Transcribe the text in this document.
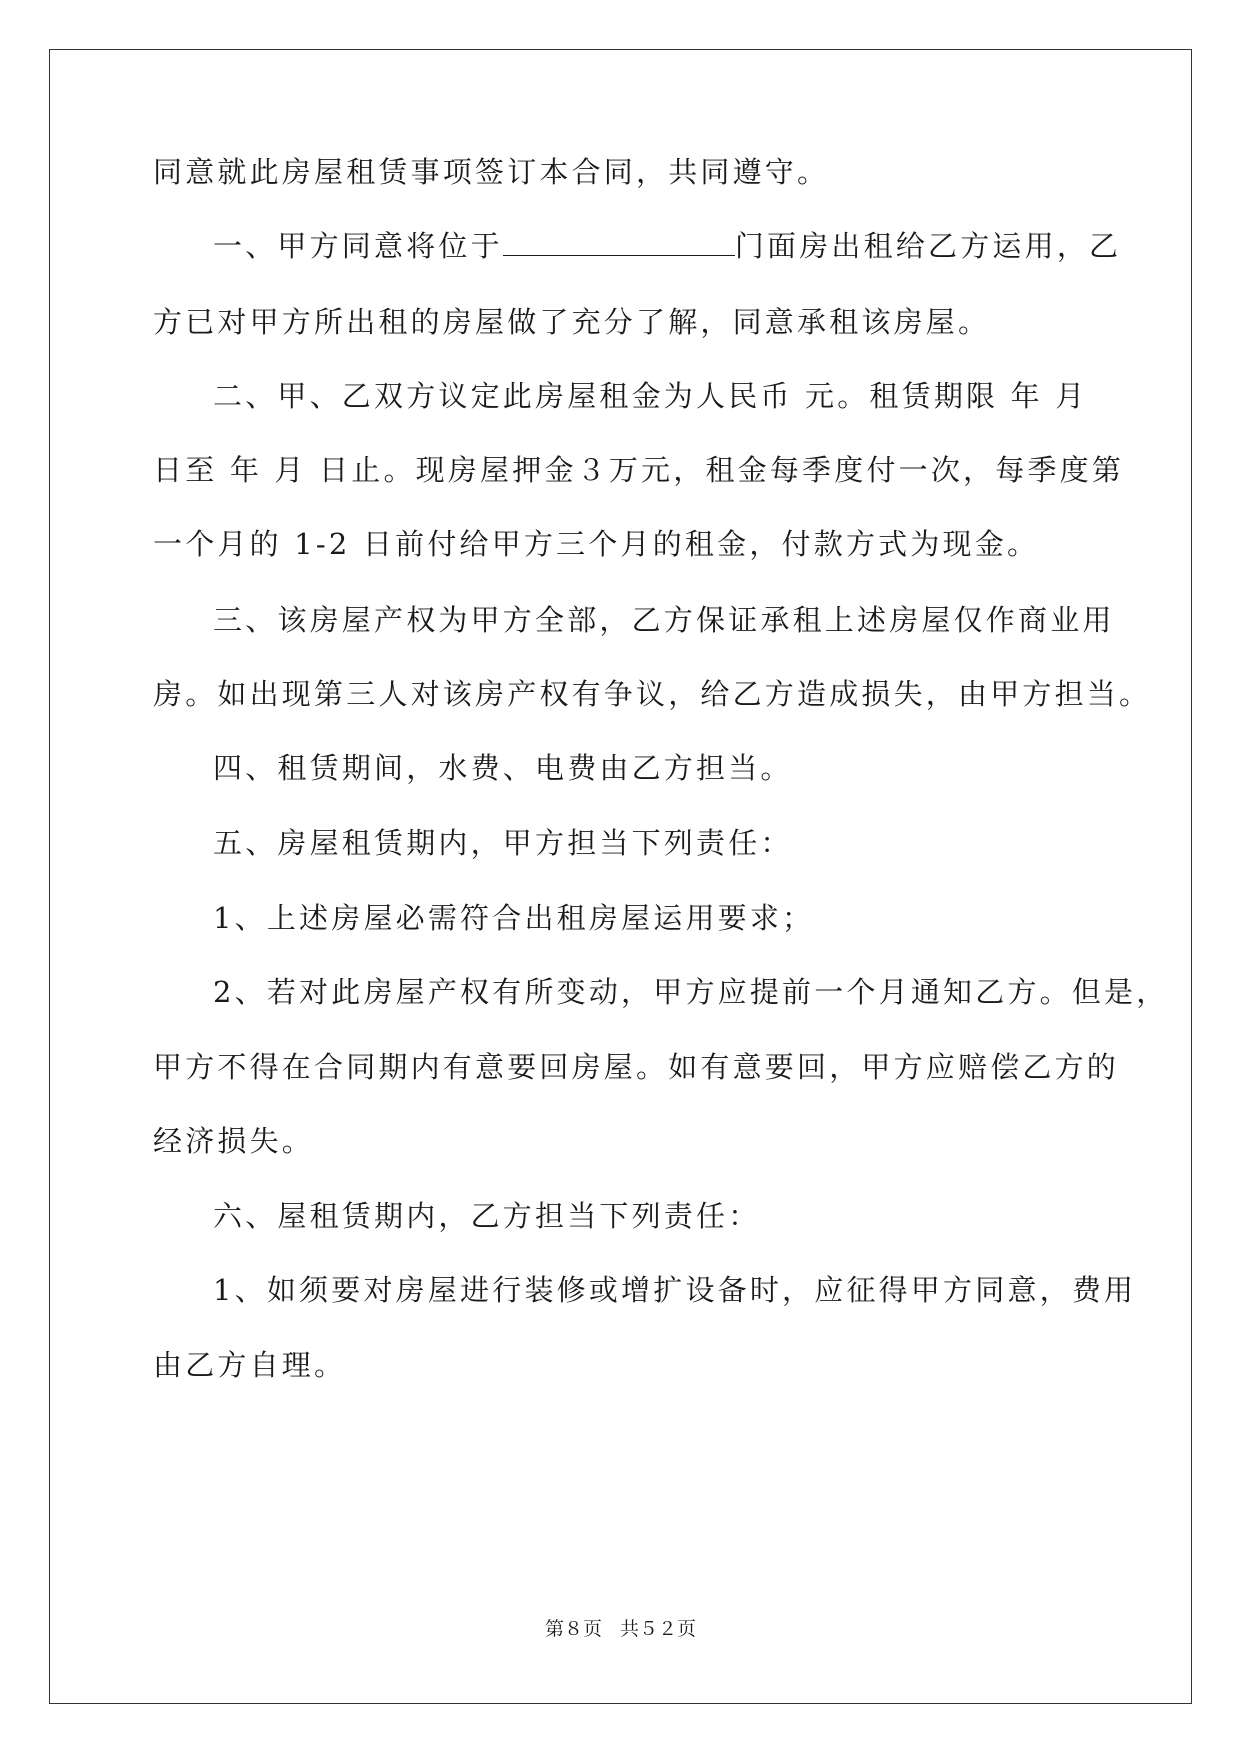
同意就此房屋租赁事项签订本合同，共同遵守。

一、甲方同意将位于	门面房出租给乙方运用，乙

方已对甲方所出租的房屋做了充分了解，同意承租该房屋。

二、甲、乙双方议定此房屋租金为人民币 元。租赁期限 年 月

日至 年 月 日止。现房屋押金３万元，租金每季度付一次，每季度第

一个月的 1-2 日前付给甲方三个月的租金，付款方式为现金。

三、该房屋产权为甲方全部，乙方保证承租上述房屋仅作商业用

房。如出现第三人对该房产权有争议，给乙方造成损失，由甲方担当。

四、租赁期间，水费、电费由乙方担当。

五、房屋租赁期内，甲方担当下列责任：

1、上述房屋必需符合出租房屋运用要求；

2、若对此房屋产权有所变动，甲方应提前一个月通知乙方。但是，

甲方不得在合同期内有意要回房屋。如有意要回，甲方应赔偿乙方的

经济损失。

六、屋租赁期内，乙方担当下列责任：

1、如须要对房屋进行装修或增扩设备时，应征得甲方同意，费用

由乙方自理。

第８页 共５２页
